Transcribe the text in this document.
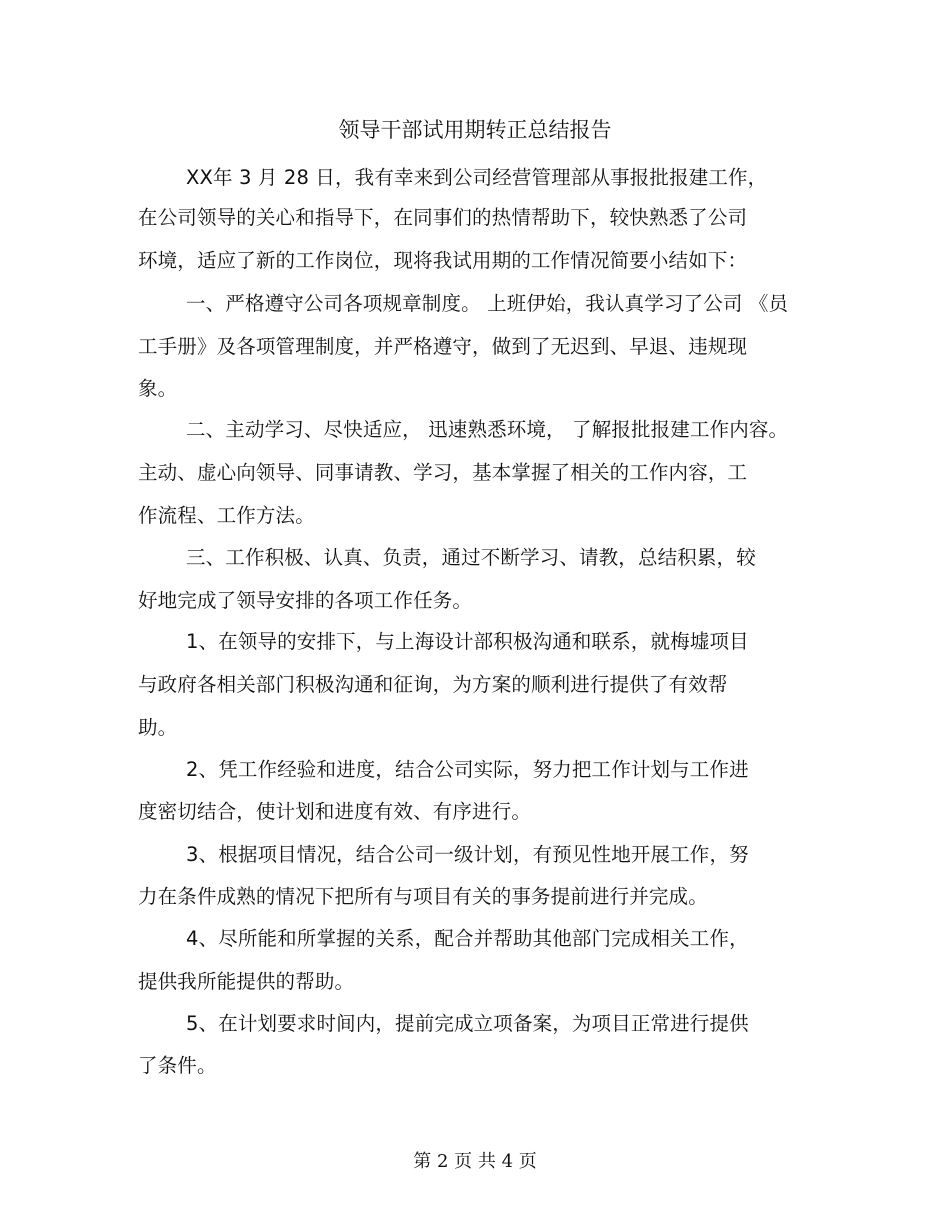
领导干部试用期转正总结报告
XX年 3 月 28 日，我有幸来到公司经营管理部从事报批报建工作，
在公司领导的关心和指导下，在同事们的热情帮助下，较快熟悉了公司
环境，适应了新的工作岗位，现将我试用期的工作情况简要小结如下：
一、严格遵守公司各项规章制度。 上班伊始，我认真学习了公司 《员
工手册》及各项管理制度，并严格遵守，做到了无迟到、早退、违规现
象。
二、主动学习、尽快适应， 迅速熟悉环境， 了解报批报建工作内容。
主动、虚心向领导、同事请教、学习，基本掌握了相关的工作内容，工
作流程、工作方法。
三、工作积极、认真、负责，通过不断学习、请教，总结积累，较
好地完成了领导安排的各项工作任务。
1、在领导的安排下，与上海设计部积极沟通和联系，就梅墟项目
与政府各相关部门积极沟通和征询，为方案的顺利进行提供了有效帮
助。
2、凭工作经验和进度，结合公司实际，努力把工作计划与工作进
度密切结合，使计划和进度有效、有序进行。
3、根据项目情况，结合公司一级计划，有预见性地开展工作，努
力在条件成熟的情况下把所有与项目有关的事务提前进行并完成。
4、尽所能和所掌握的关系，配合并帮助其他部门完成相关工作，
提供我所能提供的帮助。
5、在计划要求时间内，提前完成立项备案，为项目正常进行提供
了条件。
第 2 页 共 4 页
